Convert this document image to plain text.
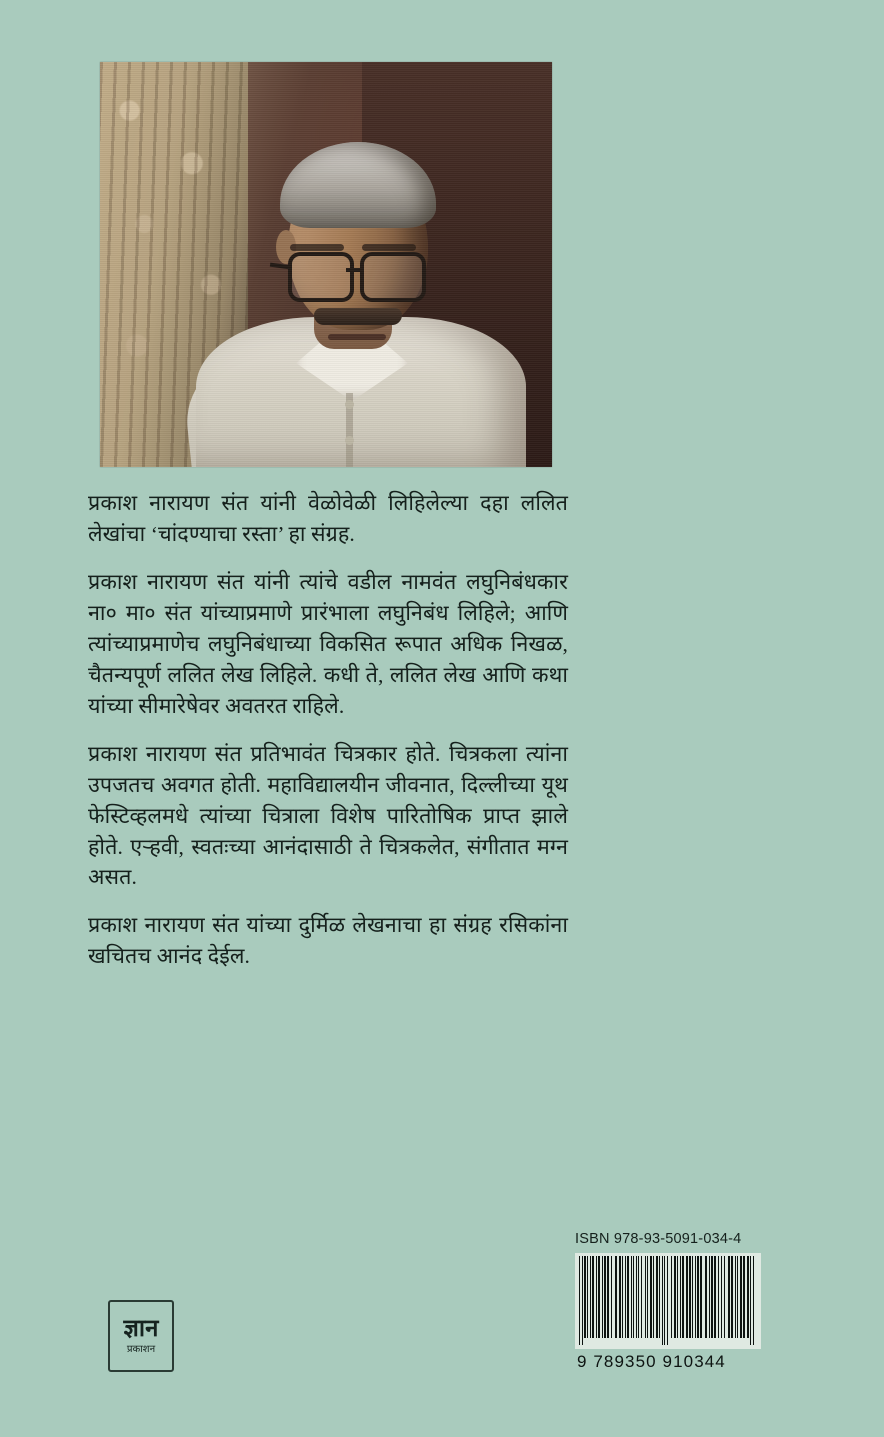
प्रकाश नारायण संत यांनी वेळोवेळी लिहिलेल्या दहा ललित लेखांचा ‘चांदण्याचा रस्ता’ हा संग्रह.

प्रकाश नारायण संत यांनी त्यांचे वडील नामवंत लघुनिबंधकार ना० मा० संत यांच्याप्रमाणे प्रारंभाला लघुनिबंध लिहिले; आणि त्यांच्याप्रमाणेच लघुनिबंधाच्या विकसित रूपात अधिक निखळ, चैतन्यपूर्ण ललित लेख लिहिले. कधी ते, ललित लेख आणि कथा यांच्या सीमारेषेवर अवतरत राहिले.

प्रकाश नारायण संत प्रतिभावंत चित्रकार होते. चित्रकला त्यांना उपजतच अवगत होती. महाविद्यालयीन जीवनात, दिल्लीच्या यूथ फेस्टिव्हलमधे त्यांच्या चित्राला विशेष पारितोषिक प्राप्त झाले होते. एऱ्हवी, स्वतःच्या आनंदासाठी ते चित्रकलेत, संगीतात मग्न असत.

प्रकाश नारायण संत यांच्या दुर्मिळ लेखनाचा हा संग्रह रसिकांना खचितच आनंद देईल.

ISBN 978-93-5091-034-4
9 789350 910344
ज्ञान
प्रकाशन
